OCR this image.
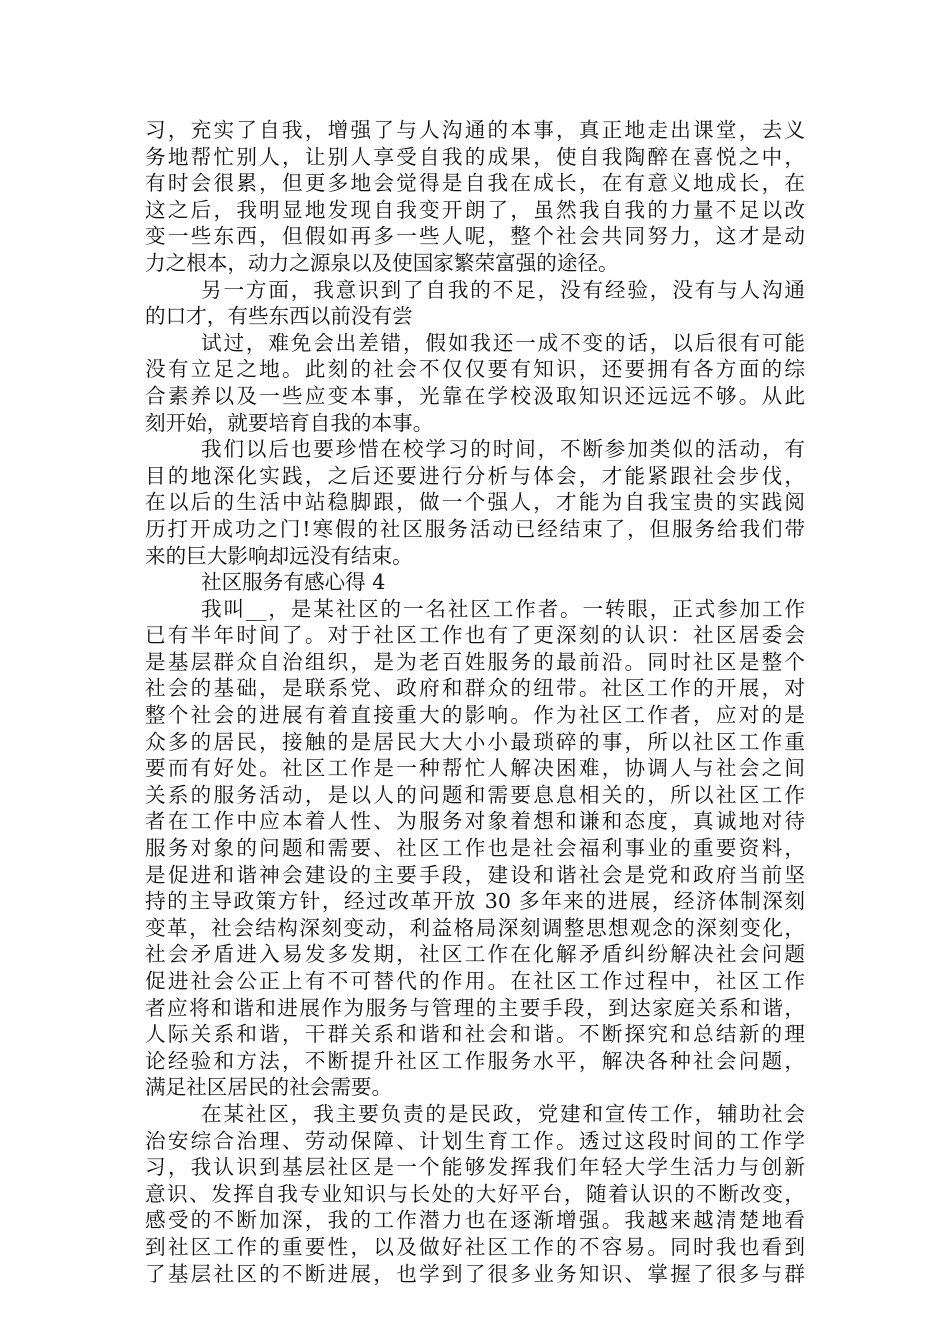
习，充实了自我，增强了与人沟通的本事，真正地走出课堂，去义
务地帮忙别人，让别人享受自我的成果，使自我陶醉在喜悦之中，
有时会很累，但更多地会觉得是自我在成长，在有意义地成长，在
这之后，我明显地发现自我变开朗了，虽然我自我的力量不足以改
变一些东西，但假如再多一些人呢，整个社会共同努力，这才是动
力之根本，动力之源泉以及使国家繁荣富强的途径。
另一方面，我意识到了自我的不足，没有经验，没有与人沟通
的口才，有些东西以前没有尝
试过，难免会出差错，假如我还一成不变的话，以后很有可能
没有立足之地。此刻的社会不仅仅要有知识，还要拥有各方面的综
合素养以及一些应变本事，光靠在学校汲取知识还远远不够。从此
刻开始，就要培育自我的本事。
我们以后也要珍惜在校学习的时间，不断参加类似的活动，有
目的地深化实践，之后还要进行分析与体会，才能紧跟社会步伐，
在以后的生活中站稳脚跟，做一个强人，才能为自我宝贵的实践阅
历打开成功之门!寒假的社区服务活动已经结束了，但服务给我们带
来的巨大影响却远没有结束。
社区服务有感心得 4
我叫__，是某社区的一名社区工作者。一转眼，正式参加工作
已有半年时间了。对于社区工作也有了更深刻的认识：社区居委会
是基层群众自治组织，是为老百姓服务的最前沿。同时社区是整个
社会的基础，是联系党、政府和群众的纽带。社区工作的开展，对
整个社会的进展有着直接重大的影响。作为社区工作者，应对的是
众多的居民，接触的是居民大大小小最琐碎的事，所以社区工作重
要而有好处。社区工作是一种帮忙人解决困难，协调人与社会之间
关系的服务活动，是以人的问题和需要息息相关的，所以社区工作
者在工作中应本着人性、为服务对象着想和谦和态度，真诚地对待
服务对象的问题和需要、社区工作也是社会福利事业的重要资料，
是促进和谐神会建设的主要手段，建设和谐社会是党和政府当前坚
持的主导政策方针，经过改革开放 30 多年来的进展，经济体制深刻
变革，社会结构深刻变动，利益格局深刻调整思想观念的深刻变化，
社会矛盾进入易发多发期，社区工作在化解矛盾纠纷解决社会问题
促进社会公正上有不可替代的作用。在社区工作过程中，社区工作
者应将和谐和进展作为服务与管理的主要手段，到达家庭关系和谐，
人际关系和谐，干群关系和谐和社会和谐。不断探究和总结新的理
论经验和方法，不断提升社区工作服务水平，解决各种社会问题，
满足社区居民的社会需要。
在某社区，我主要负责的是民政，党建和宣传工作，辅助社会
治安综合治理、劳动保障、计划生育工作。透过这段时间的工作学
习，我认识到基层社区是一个能够发挥我们年轻大学生活力与创新
意识、发挥自我专业知识与长处的大好平台，随着认识的不断改变，
感受的不断加深，我的工作潜力也在逐渐增强。我越来越清楚地看
到社区工作的重要性，以及做好社区工作的不容易。同时我也看到
了基层社区的不断进展，也学到了很多业务知识、掌握了很多与群
